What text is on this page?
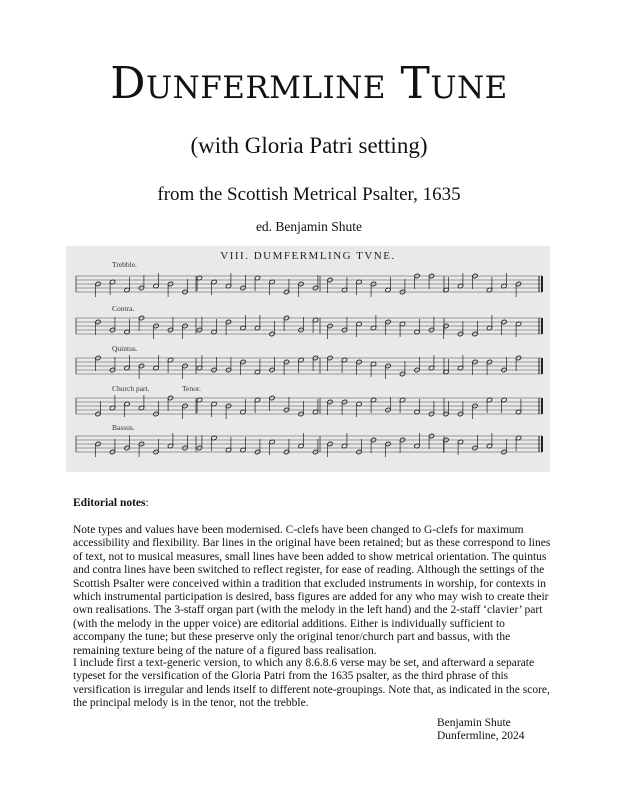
Dunfermline Tune
(with Gloria Patri setting)
from the Scottish Metrical Psalter, 1635
ed. Benjamin Shute
VIII. DUMFERMLING TVNE.
Trebble.
Contra.
Quintus.
Church part.	Tenor.
Bassus.
Editorial notes:
Note types and values have been modernised. C-clefs have been changed to G-clefs for maximum accessibility and flexibility. Bar lines in the original have been retained; but as these correspond to lines of text, not to musical measures, small lines have been added to show metrical orientation. The quintus and contra lines have been switched to reflect register, for ease of reading. Although the settings of the Scottish Psalter were conceived within a tradition that excluded instruments in worship, for contexts in which instrumental participation is desired, bass figures are added for any who may wish to create their own realisations. The 3-staff organ part (with the melody in the left hand) and the 2-staff ‘clavier’ part (with the melody in the upper voice) are editorial additions. Either is individually sufficient to accompany the tune; but these preserve only the original tenor/church part and bassus, with the remaining texture being of the nature of a figured bass realisation.
I include first a text-generic version, to which any 8.6.8.6 verse may be set, and afterward a separate typeset for the versification of the Gloria Patri from the 1635 psalter, as the third phrase of this versification is irregular and lends itself to different note-groupings. Note that, as indicated in the score, the principal melody is in the tenor, not the trebble.
Benjamin Shute
Dunfermline, 2024
